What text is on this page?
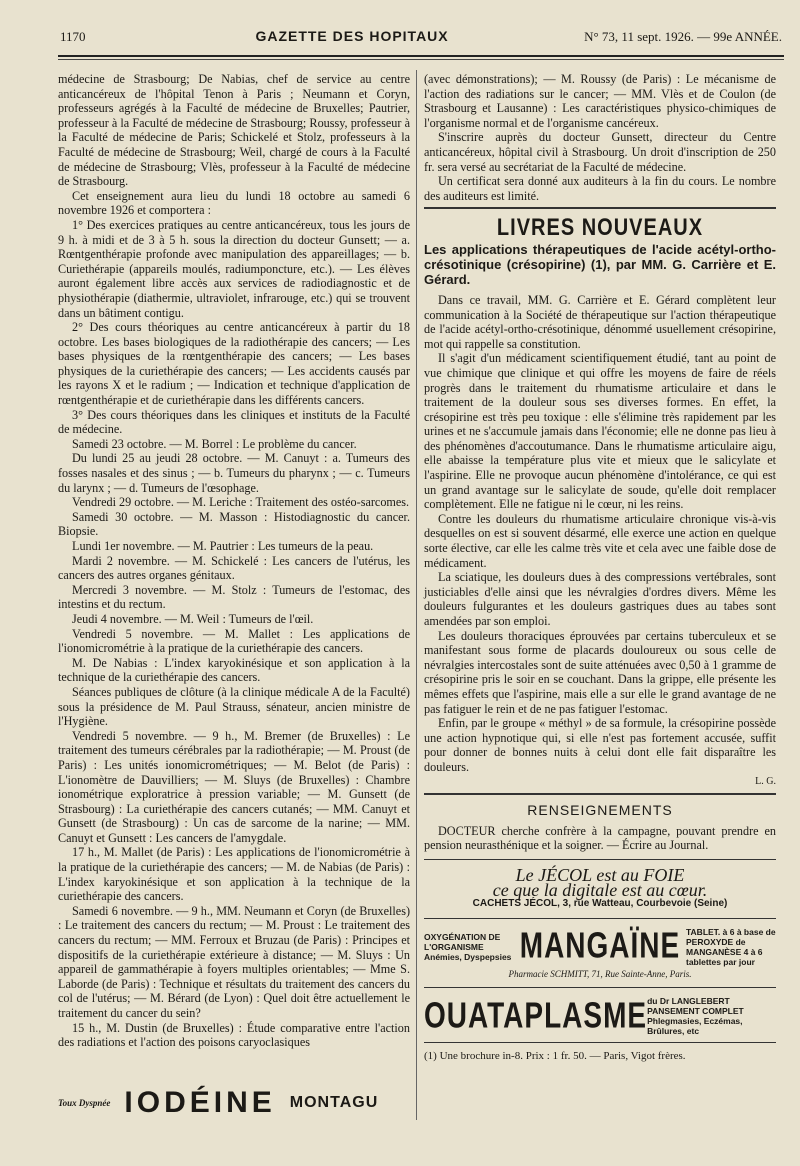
1170	GAZETTE DES HOPITAUX	N° 73, 11 sept. 1926. — 99e ANNÉE.

médecine de Strasbourg; De Nabias, chef de service au centre anticancéreux de l'hôpital Tenon à Paris ; Neumann et Coryn, professeurs agrégés à la Faculté de médecine de Bruxelles; Pautrier, professeur à la Faculté de médecine de Strasbourg; Roussy, professeur à la Faculté de médecine de Paris; Schickelé et Stolz, professeurs à la Faculté de médecine de Strasbourg; Weil, chargé de cours à la Faculté de médecine de Strasbourg; Vlès, professeur à la Faculté de médecine de Strasbourg.

Cet enseignement aura lieu du lundi 18 octobre au samedi 6 novembre 1926 et comportera :

1° Des exercices pratiques au centre anticancéreux, tous les jours de 9 h. à midi et de 3 à 5 h. sous la direction du docteur Gunsett; — a. Rœntgenthérapie profonde avec manipulation des appareillages; — b. Curiethérapie (appareils moulés, radiumponcture, etc.). — Les élèves auront également libre accès aux services de radiodiagnostic et de physiothérapie (diathermie, ultraviolet, infrarouge, etc.) qui se trouvent dans un bâtiment contigu.

2° Des cours théoriques au centre anticancéreux à partir du 18 octobre. Les bases biologiques de la radiothérapie des cancers; — Les bases physiques de la rœntgenthérapie des cancers; — Les bases physiques de la curiethérapie des cancers; — Les accidents causés par les rayons X et le radium ; — Indication et technique d'application de rœntgenthérapie et de curiethérapie dans les différents cancers.

3° Des cours théoriques dans les cliniques et instituts de la Faculté de médecine.

Samedi 23 octobre. — M. Borrel : Le problème du cancer.

Du lundi 25 au jeudi 28 octobre. — M. Canuyt : a. Tumeurs des fosses nasales et des sinus ; — b. Tumeurs du pharynx ; — c. Tumeurs du larynx ; — d. Tumeurs de l'œsophage.

Vendredi 29 octobre. — M. Leriche : Traitement des ostéo-sarcomes.

Samedi 30 octobre. — M. Masson : Histodiagnostic du cancer. Biopsie.

Lundi 1er novembre. — M. Pautrier : Les tumeurs de la peau.

Mardi 2 novembre. — M. Schickelé : Les cancers de l'utérus, les cancers des autres organes génitaux.

Mercredi 3 novembre. — M. Stolz : Tumeurs de l'estomac, des intestins et du rectum.

Jeudi 4 novembre. — M. Weil : Tumeurs de l'œil.

Vendredi 5 novembre. — M. Mallet : Les applications de l'ionomicrométrie à la pratique de la curiethérapie des cancers.

M. De Nabias : L'index karyokinésique et son application à la technique de la curiethérapie des cancers.

Séances publiques de clôture (à la clinique médicale A de la Faculté) sous la présidence de M. Paul Strauss, sénateur, ancien ministre de l'Hygiène.

Vendredi 5 novembre. — 9 h., M. Bremer (de Bruxelles) : Le traitement des tumeurs cérébrales par la radiothérapie; — M. Proust (de Paris) : Les unités ionomicrométriques; — M. Belot (de Paris) : L'ionomètre de Dauvilliers; — M. Sluys (de Bruxelles) : Chambre ionométrique exploratrice à pression variable; — M. Gunsett (de Strasbourg) : La curiethérapie des cancers cutanés; — MM. Canuyt et Gunsett (de Strasbourg) : Un cas de sarcome de la narine; — MM. Canuyt et Gunsett : Les cancers de l'amygdale.

17 h., M. Mallet (de Paris) : Les applications de l'ionomicrométrie à la pratique de la curiethérapie des cancers; — M. de Nabias (de Paris) : L'index karyokinésique et son application à la technique de la curiethérapie des cancers.

Samedi 6 novembre. — 9 h., MM. Neumann et Coryn (de Bruxelles) : Le traitement des cancers du rectum; — M. Proust : Le traitement des cancers du rectum; — MM. Ferroux et Bruzau (de Paris) : Principes et dispositifs de la curiethérapie extérieure à distance; — M. Sluys : Un appareil de gammathérapie à foyers multiples orientables; — Mme S. Laborde (de Paris) : Technique et résultats du traitement des cancers du col de l'utérus; — M. Bérard (de Lyon) : Quel doit être actuellement le traitement du cancer du sein?

15 h., M. Dustin (de Bruxelles) : Étude comparative entre l'action des radiations et l'action des poisons caryoclasiques

(avec démonstrations); — M. Roussy (de Paris) : Le mécanisme de l'action des radiations sur le cancer; — MM. Vlès et de Coulon (de Strasbourg et Lausanne) : Les caractéristiques physico-chimiques de l'organisme normal et de l'organisme cancéreux.

S'inscrire auprès du docteur Gunsett, directeur du Centre anticancéreux, hôpital civil à Strasbourg. Un droit d'inscription de 250 fr. sera versé au secrétariat de la Faculté de médecine.

Un certificat sera donné aux auditeurs à la fin du cours. Le nombre des auditeurs est limité.

LIVRES NOUVEAUX
Les applications thérapeutiques de l'acide acétyl-ortho-crésotinique (crésopirine) (1), par MM. G. Carrière et E. Gérard.

Dans ce travail, MM. G. Carrière et E. Gérard complètent leur communication à la Société de thérapeutique sur l'action thérapeutique de l'acide acétyl-ortho-crésotinique, dénommé usuellement crésopirine, mot qui rappelle sa constitution.

Il s'agit d'un médicament scientifiquement étudié, tant au point de vue chimique que clinique et qui offre les moyens de faire de réels progrès dans le traitement du rhumatisme articulaire et dans le traitement de la douleur sous ses diverses formes. En effet, la crésopirine est très peu toxique : elle s'élimine très rapidement par les urines et ne s'accumule jamais dans l'économie; elle ne donne pas lieu à des phénomènes d'accoutumance. Dans le rhumatisme articulaire aigu, elle abaisse la température plus vite et mieux que le salicylate et l'aspirine. Elle ne provoque aucun phénomène d'intolérance, ce qui est un grand avantage sur le salicylate de soude, qu'elle doit remplacer complètement. Elle ne fatigue ni le cœur, ni les reins.

Contre les douleurs du rhumatisme articulaire chronique vis-à-vis desquelles on est si souvent désarmé, elle exerce une action en quelque sorte élective, car elle les calme très vite et cela avec une faible dose de médicament.

La sciatique, les douleurs dues à des compressions vertébrales, sont justiciables d'elle ainsi que les névralgies d'ordres divers. Même les douleurs fulgurantes et les douleurs gastriques dues au tabes sont amendées par son emploi.

Les douleurs thoraciques éprouvées par certains tuberculeux et se manifestant sous forme de placards douloureux ou sous celle de névralgies intercostales sont de suite atténuées avec 0,50 à 1 gramme de crésopirine pris le soir en se couchant. Dans la grippe, elle présente les mêmes effets que l'aspirine, mais elle a sur elle le grand avantage de ne pas fatiguer le rein et de ne pas fatiguer l'estomac.

Enfin, par le groupe « méthyl » de sa formule, la crésopirine possède une action hypnotique qui, si elle n'est pas fortement accusée, suffit pour donner de bonnes nuits à celui dont elle fait disparaître les douleurs.

L. G.
RENSEIGNEMENTS

DOCTEUR cherche confrère à la campagne, pouvant prendre en pension neurasthénique et la soigner. — Écrire au Journal.

Le JÉCOL est au FOIE
ce que la digitale est au cœur.
CACHETS JÉCOL, 3, rue Watteau, Courbevoie (Seine)
OXYGÉNATION DE L'ORGANISME Anémies, Dyspepsies MANGAÏNE TABLET. à 6 à base de PEROXYDE de MANGANÈSE 4 à 6 tablettes par jour
Pharmacie SCHMITT, 71, Rue Sainte-Anne, Paris.
OUATAPLASME du Dr LANGLEBERT PANSEMENT COMPLET Phlegmasies, Eczémas, Brûlures, etc
(1) Une brochure in-8. Prix : 1 fr. 50. — Paris, Vigot frères.
Toux Dyspnée IODÉINE MONTAGU
